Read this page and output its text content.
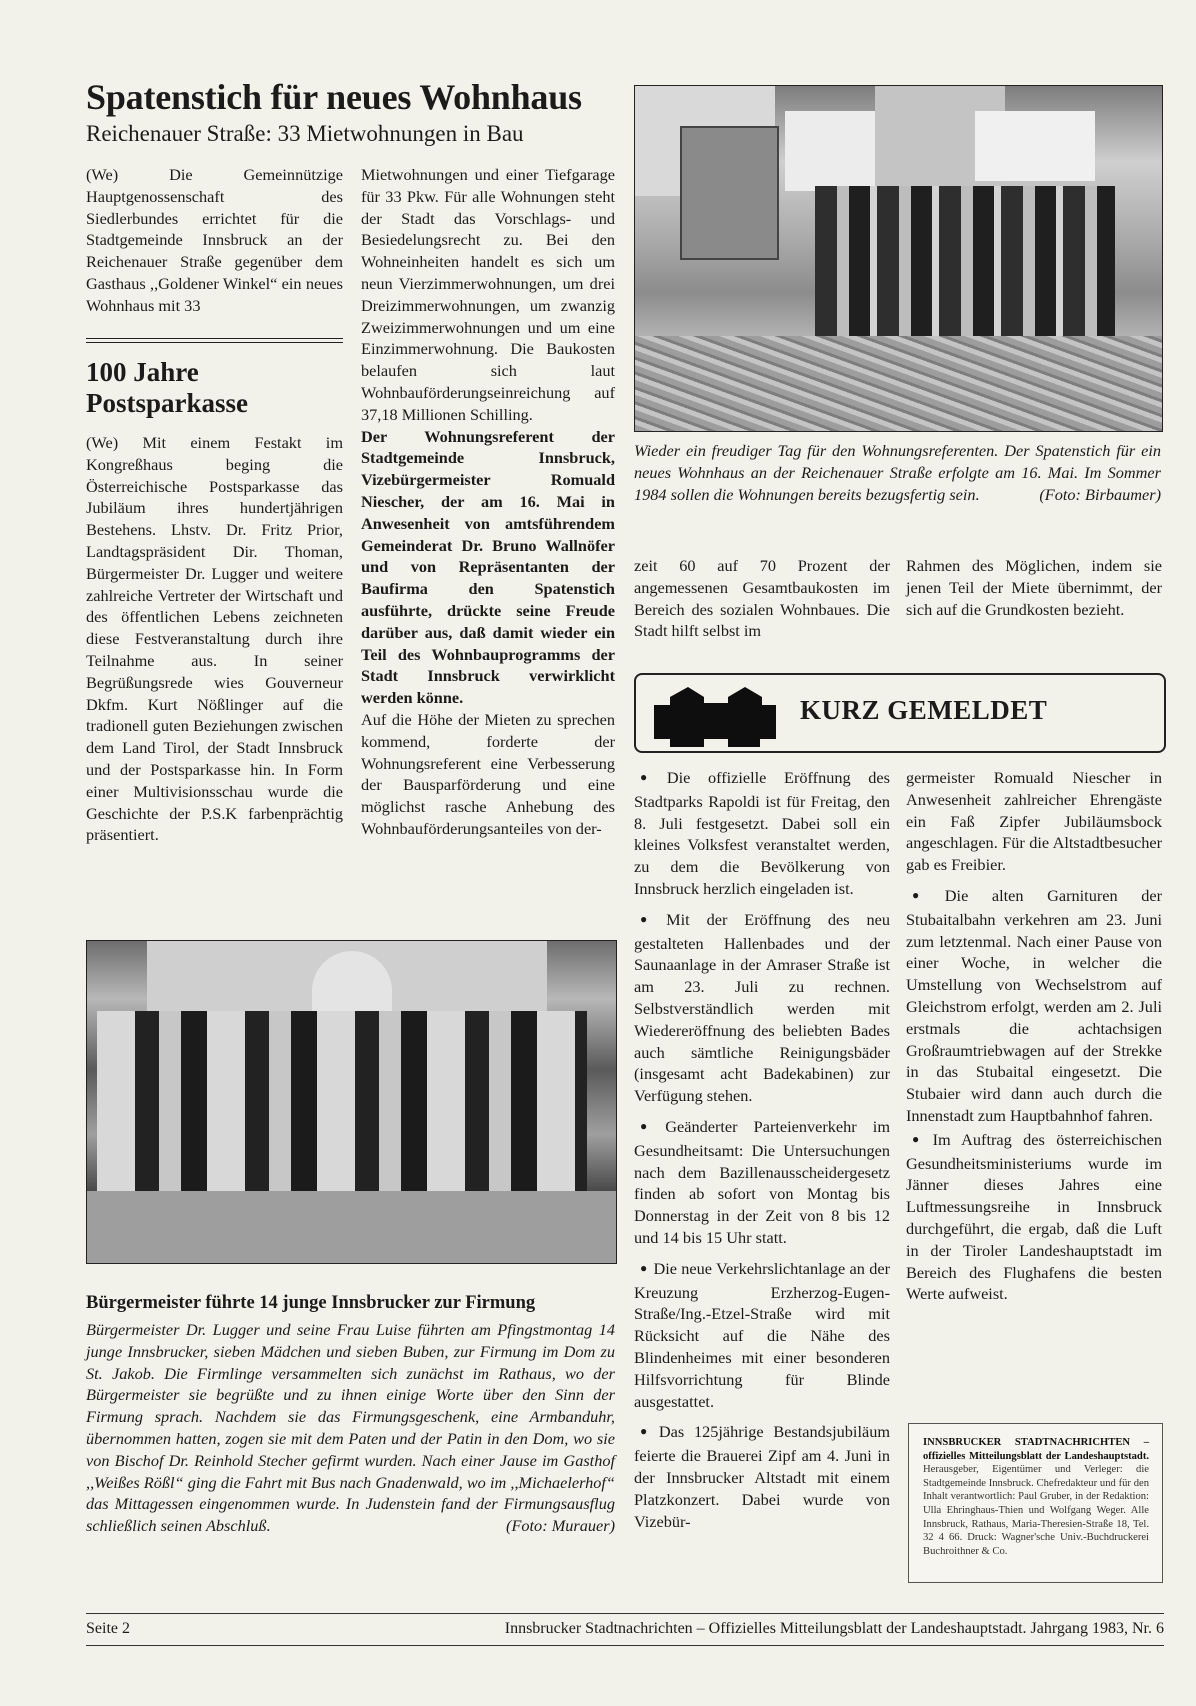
Spatenstich für neues Wohnhaus
Reichenauer Straße: 33 Mietwohnungen in Bau

(We) Die Gemeinnützige Hauptgenossenschaft des Siedlerbundes errichtet für die Stadtgemeinde Innsbruck an der Reichenauer Straße gegenüber dem Gasthaus ,,Goldener Winkel“ ein neues Wohnhaus mit 33

100 Jahre
Postsparkasse

(We) Mit einem Festakt im Kongreßhaus beging die Österreichische Postsparkasse das Jubiläum ihres hundertjährigen Bestehens. Lhstv. Dr. Fritz Prior, Landtagspräsident Dir. Thoman, Bürgermeister Dr. Lugger und weitere zahlreiche Vertreter der Wirtschaft und des öffentlichen Lebens zeichneten diese Festveranstaltung durch ihre Teilnahme aus. In seiner Begrüßungsrede wies Gouverneur Dkfm. Kurt Nößlinger auf die tradionell guten Beziehungen zwischen dem Land Tirol, der Stadt Innsbruck und der Postsparkasse hin. In Form einer Multivisionsschau wurde die Geschichte der P.S.K farbenprächtig präsentiert.

Mietwohnungen und einer Tiefgarage für 33 Pkw. Für alle Wohnungen steht der Stadt das Vorschlags- und Besiedelungsrecht zu. Bei den Wohneinheiten handelt es sich um neun Vierzimmerwohnungen, um drei Dreizimmerwohnungen, um zwanzig Zweizimmerwohnungen und um eine Einzimmerwohnung. Die Baukosten belaufen sich laut Wohnbauförderungseinreichung auf 37,18 Millionen Schilling.

Der Wohnungsreferent der Stadtgemeinde Innsbruck, Vizebürgermeister Romuald Niescher, der am 16. Mai in Anwesenheit von amtsführendem Gemeinderat Dr. Bruno Wallnöfer und von Repräsentanten der Baufirma den Spatenstich ausführte, drückte seine Freude darüber aus, daß damit wieder ein Teil des Wohnbauprogramms der Stadt Innsbruck verwirklicht werden könne.

Auf die Höhe der Mieten zu sprechen kommend, forderte der Wohnungsreferent eine Verbesserung der Bausparförderung und eine möglichst rasche Anhebung des Wohnbauförderungsanteiles von der-

Wieder ein freudiger Tag für den Wohnungsreferenten. Der Spatenstich für ein neues Wohnhaus an der Reichenauer Straße erfolgte am 16. Mai. Im Sommer 1984 sollen die Wohnungen bereits bezugsfertig sein.	(Foto: Birbaumer)

zeit 60 auf 70 Prozent der angemessenen Gesamtbaukosten im Bereich des sozialen Wohnbaues. Die Stadt hilft selbst im

Rahmen des Möglichen, indem sie jenen Teil der Miete übernimmt, der sich auf die Grundkosten bezieht.

KURZ GEMELDET

● Die offizielle Eröffnung des Stadtparks Rapoldi ist für Freitag, den 8. Juli festgesetzt. Dabei soll ein kleines Volksfest veranstaltet werden, zu dem die Bevölkerung von Innsbruck herzlich eingeladen ist.

● Mit der Eröffnung des neu gestalteten Hallenbades und der Saunaanlage in der Amraser Straße ist am 23. Juli zu rechnen. Selbstverständlich werden mit Wiedereröffnung des beliebten Bades auch sämtliche Reinigungsbäder (insgesamt acht Badekabinen) zur Verfügung stehen.

● Geänderter Parteienverkehr im Gesundheitsamt: Die Untersuchungen nach dem Bazillenausscheidergesetz finden ab sofort von Montag bis Donnerstag in der Zeit von 8 bis 12 und 14 bis 15 Uhr statt.

● Die neue Verkehrslichtanlage an der Kreuzung Erzherzog-Eugen-Straße/Ing.-Etzel-Straße wird mit Rücksicht auf die Nähe des Blindenheimes mit einer besonderen Hilfsvorrichtung für Blinde ausgestattet.

● Das 125jährige Bestandsjubiläum feierte die Brauerei Zipf am 4. Juni in der Innsbrucker Altstadt mit einem Platzkonzert. Dabei wurde von Vizebür-

germeister Romuald Niescher in Anwesenheit zahlreicher Ehrengäste ein Faß Zipfer Jubiläumsbock angeschlagen. Für die Altstadtbesucher gab es Freibier.

● Die alten Garnituren der Stubaitalbahn verkehren am 23. Juni zum letztenmal. Nach einer Pause von einer Woche, in welcher die Umstellung von Wechselstrom auf Gleichstrom erfolgt, werden am 2. Juli erstmals die achtachsigen Großraumtriebwagen auf der Strekke in das Stubaital eingesetzt. Die Stubaier wird dann auch durch die Innenstadt zum Hauptbahnhof fahren.

● Im Auftrag des österreichischen Gesundheitsministeriums wurde im Jänner dieses Jahres eine Luftmessungsreihe in Innsbruck durchgeführt, die ergab, daß die Luft in der Tiroler Landeshauptstadt im Bereich des Flughafens die besten Werte aufweist.

INNSBRUCKER STADTNACHRICHTEN – offizielles Mitteilungsblatt der Landeshauptstadt. Herausgeber, Eigentümer und Verleger: die Stadtgemeinde Innsbruck. Chefredakteur und für den Inhalt verantwortlich: Paul Gruber, in der Redaktion: Ulla Ehringhaus-Thien und Wolfgang Weger. Alle Innsbruck, Rathaus, Maria-Theresien-Straße 18, Tel. 32 4 66. Druck: Wagner'sche Univ.-Buchdruckerei Buchroithner & Co.
Bürgermeister führte 14 junge Innsbrucker zur Firmung
Bürgermeister Dr. Lugger und seine Frau Luise führten am Pfingstmontag 14 junge Innsbrucker, sieben Mädchen und sieben Buben, zur Firmung im Dom zu St. Jakob. Die Firmlinge versammelten sich zunächst im Rathaus, wo der Bürgermeister sie begrüßte und zu ihnen einige Worte über den Sinn der Firmung sprach. Nachdem sie das Firmungsgeschenk, eine Armbanduhr, übernommen hatten, zogen sie mit dem Paten und der Patin in den Dom, wo sie von Bischof Dr. Reinhold Stecher gefirmt wurden. Nach einer Jause im Gasthof ,,Weißes Rößl“ ging die Fahrt mit Bus nach Gnadenwald, wo im ,,Michaelerhof“ das Mittagessen eingenommen wurde. In Judenstein fand der Firmungsausflug schließlich seinen Abschluß.	(Foto: Murauer)
Seite 2	Innsbrucker Stadtnachrichten – Offizielles Mitteilungsblatt der Landeshauptstadt. Jahrgang 1983, Nr. 6
